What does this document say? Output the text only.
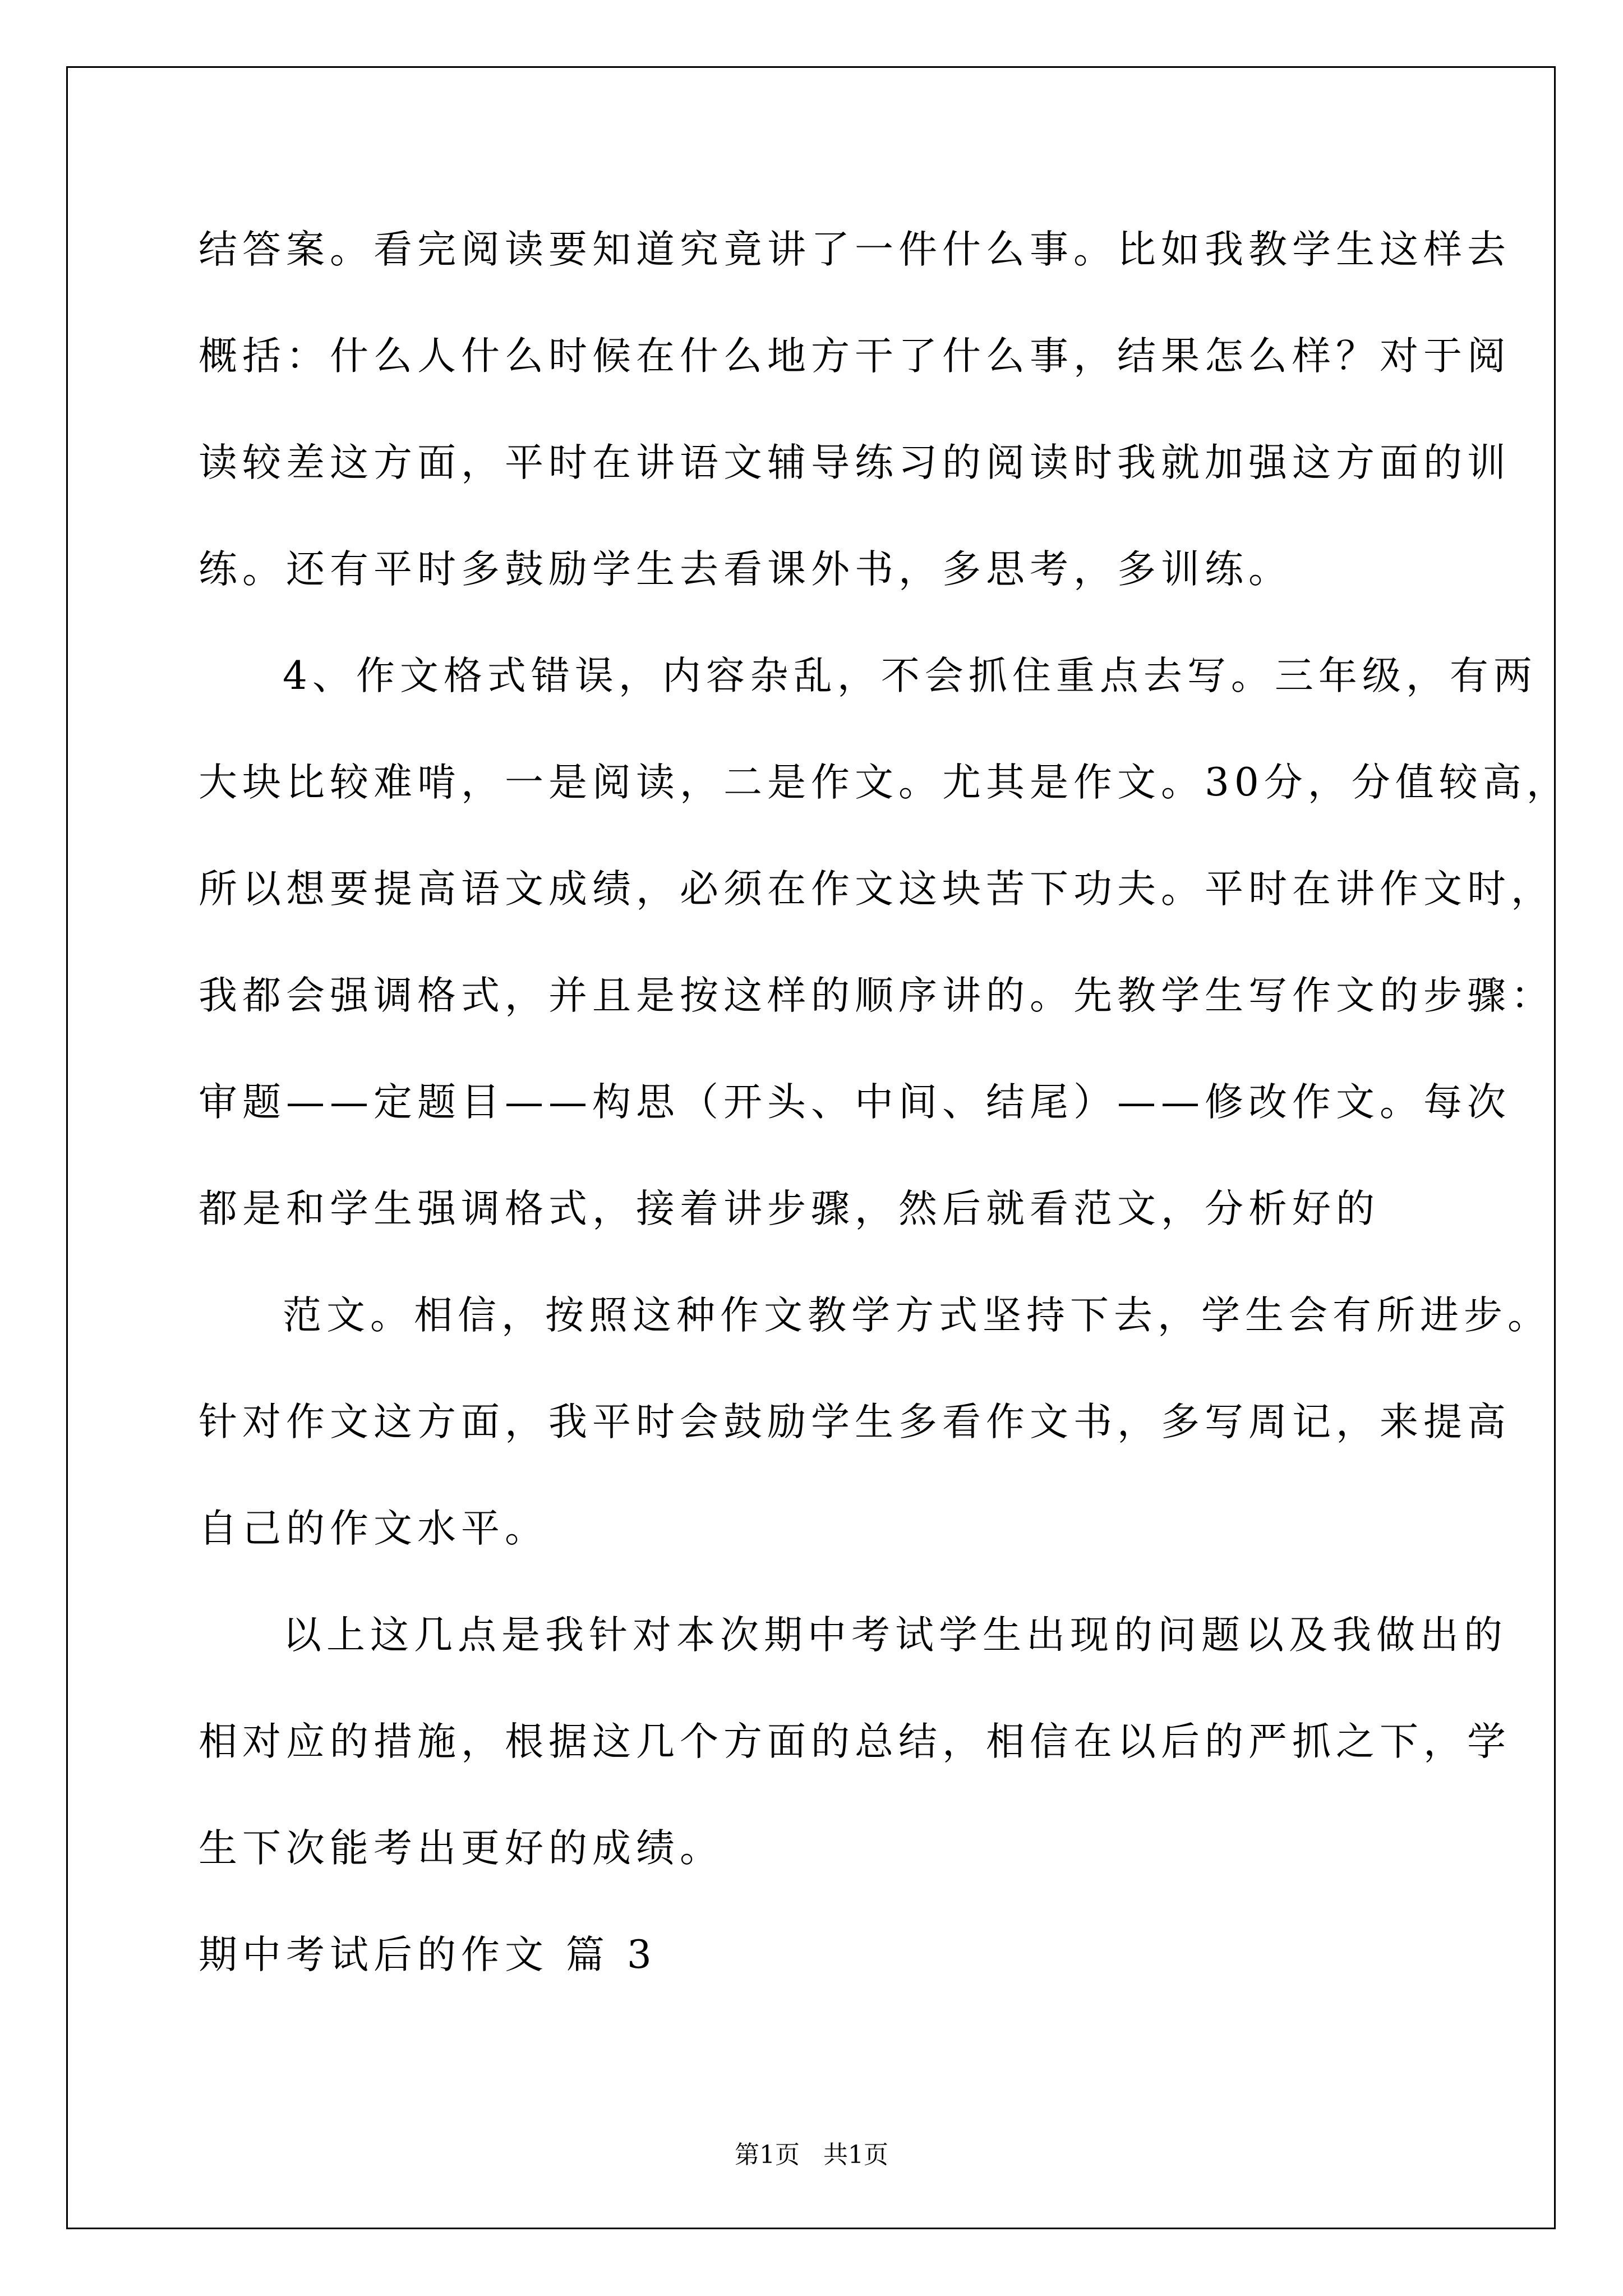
结答案。看完阅读要知道究竟讲了一件什么事。比如我教学生这样去
概括：什么人什么时候在什么地方干了什么事，结果怎么样？对于阅
读较差这方面，平时在讲语文辅导练习的阅读时我就加强这方面的训
练。还有平时多鼓励学生去看课外书，多思考，多训练。
4、作文格式错误，内容杂乱，不会抓住重点去写。三年级，有两
大块比较难啃，一是阅读，二是作文。尤其是作文。30分，分值较高，
所以想要提高语文成绩，必须在作文这块苦下功夫。平时在讲作文时，
我都会强调格式，并且是按这样的顺序讲的。先教学生写作文的步骤：
审题——定题目——构思（开头、中间、结尾）——修改作文。每次
都是和学生强调格式，接着讲步骤，然后就看范文，分析好的
范文。相信，按照这种作文教学方式坚持下去，学生会有所进步。
针对作文这方面，我平时会鼓励学生多看作文书，多写周记，来提高
自己的作文水平。
以上这几点是我针对本次期中考试学生出现的问题以及我做出的
相对应的措施，根据这几个方面的总结，相信在以后的严抓之下，学
生下次能考出更好的成绩。
期中考试后的作文 篇 3
第1页   共1页
